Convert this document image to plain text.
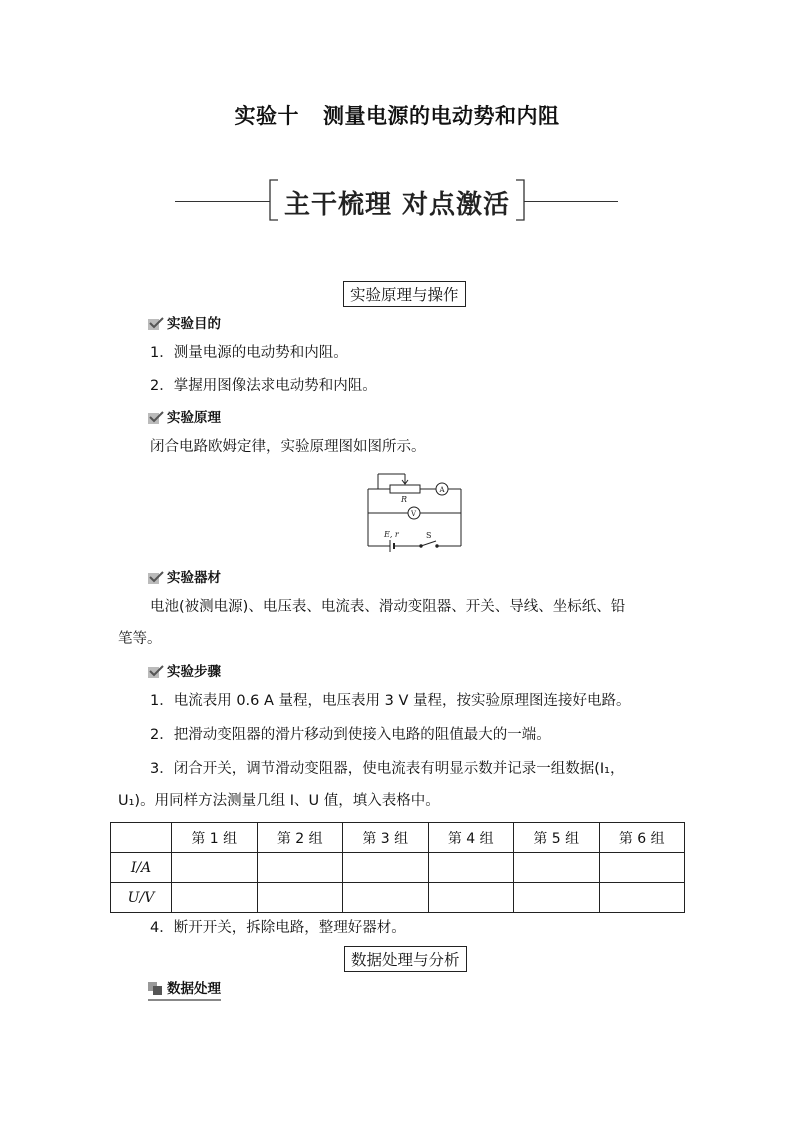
实验十 测量电源的电动势和内阻
主干梳理 对点激活
实验原理与操作
实验目的
1．测量电源的电动势和内阻。
2．掌握用图像法求电动势和内阻。
实验原理
闭合电路欧姆定律，实验原理图如图所示。
R
A
V
E, r	S
实验器材
电池(被测电源)、电压表、电流表、滑动变阻器、开关、导线、坐标纸、铅
笔等。
实验步骤
1．电流表用 0.6 A 量程，电压表用 3 V 量程，按实验原理图连接好电路。
2．把滑动变阻器的滑片移动到使接入电路的阻值最大的一端。
3．闭合开关，调节滑动变阻器，使电流表有明显示数并记录一组数据(I₁，
U₁)。用同样方法测量几组 I、U 值，填入表格中。
	第 1 组	第 2 组	第 3 组	第 4 组	第 5 组	第 6 组
I/A						
U/V						
4．断开开关，拆除电路，整理好器材。
数据处理与分析
数据处理
